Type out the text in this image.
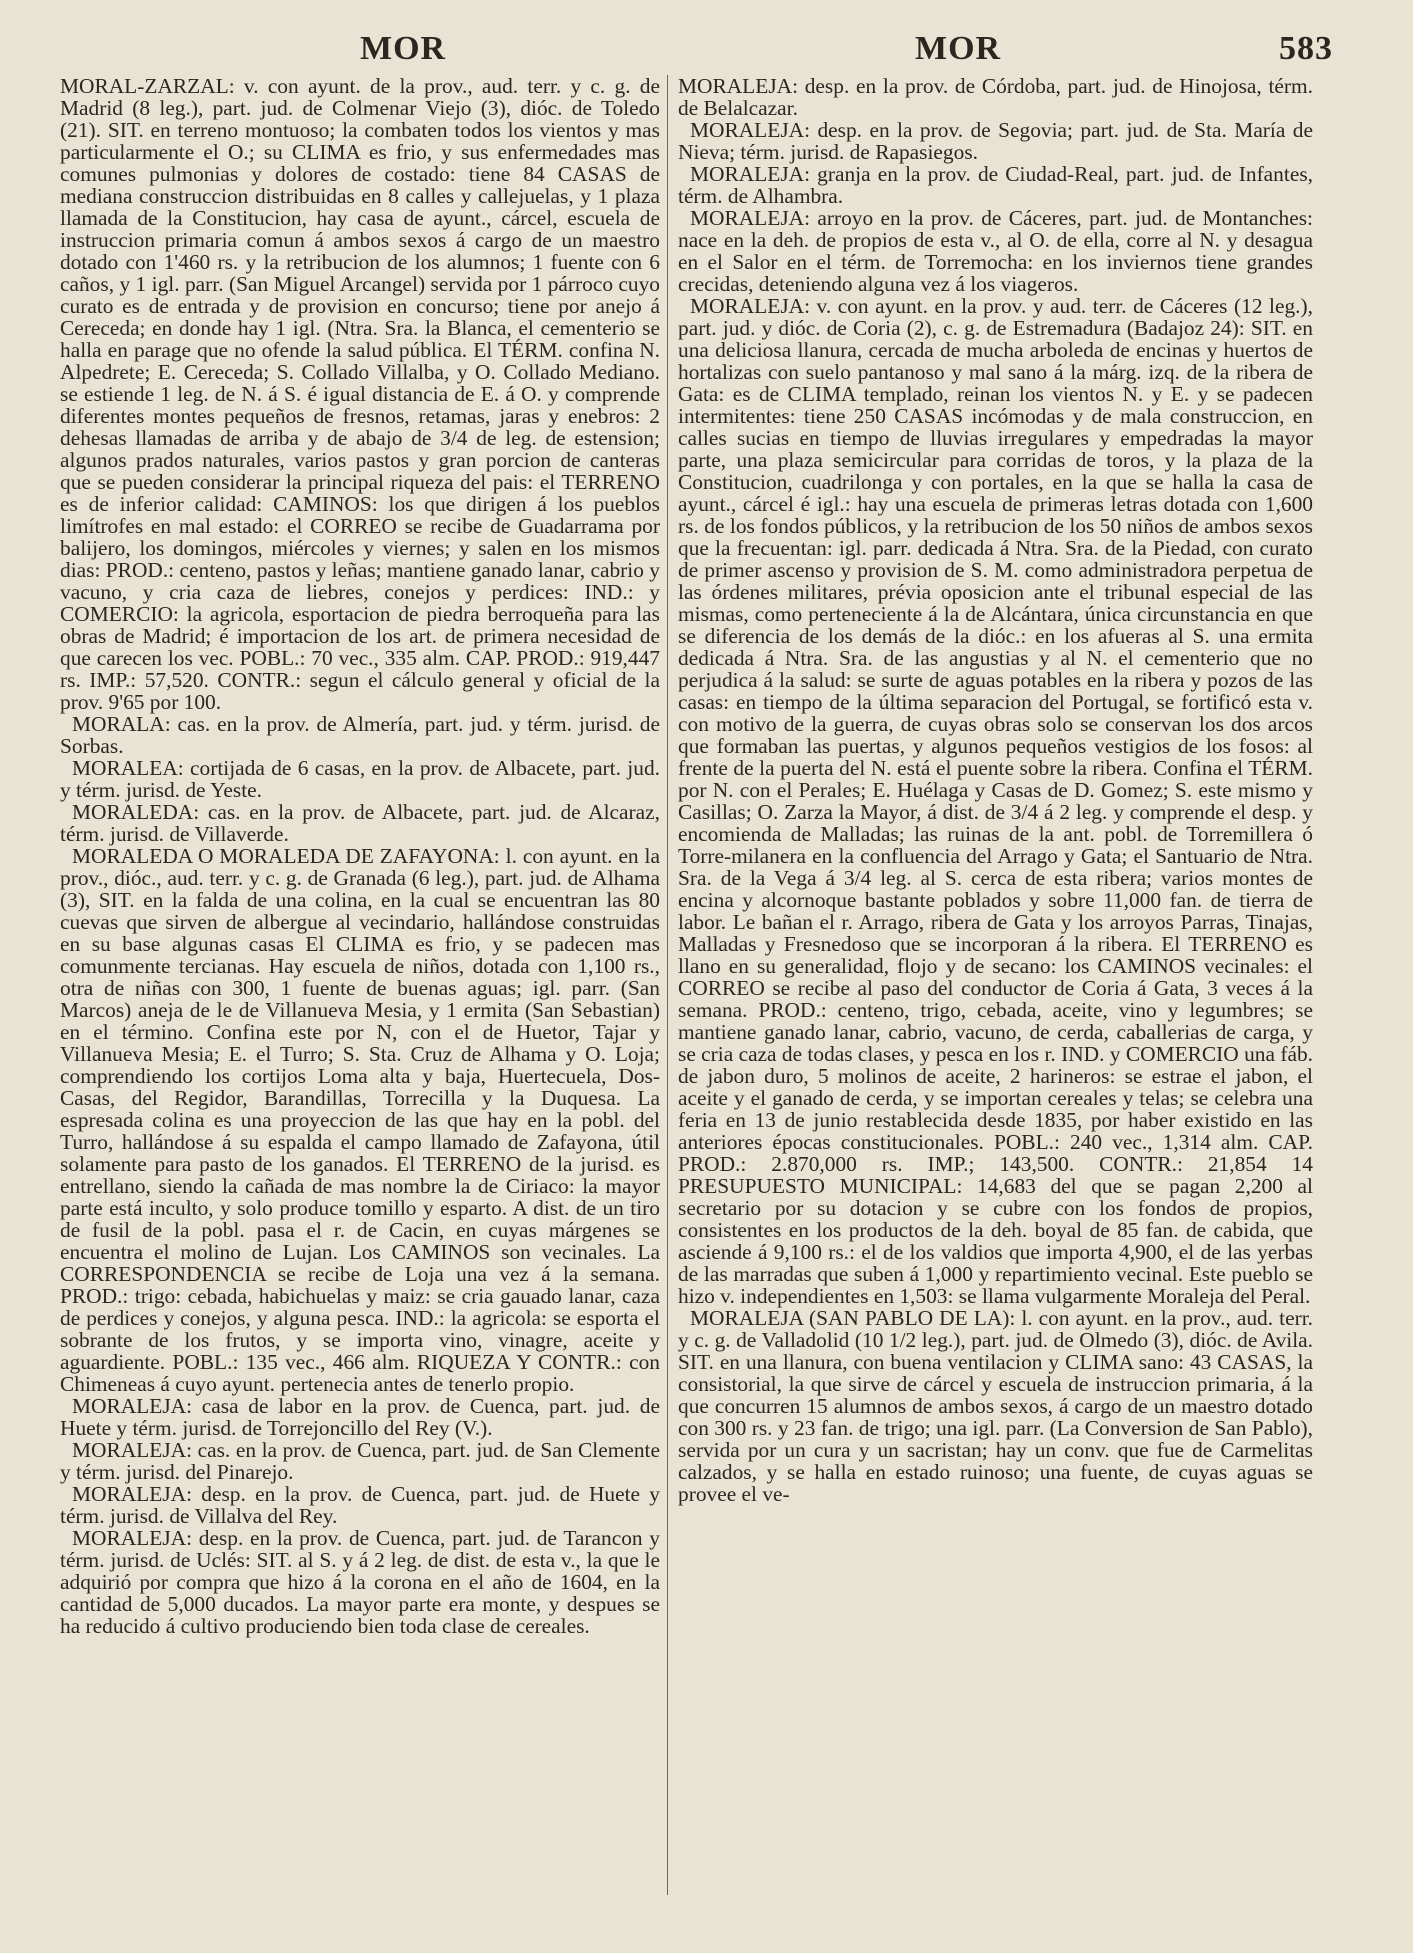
MOR	MOR	583

MORAL-ZARZAL: v. con ayunt. de la prov., aud. terr. y c. g. de Madrid (8 leg.), part. jud. de Colmenar Viejo (3), dióc. de Toledo (21). SIT. en terreno montuoso; la combaten todos los vientos y mas particularmente el O.; su CLIMA es frio, y sus enfermedades mas comunes pulmonias y dolores de costado: tiene 84 CASAS de mediana construccion distribuidas en 8 calles y callejuelas, y 1 plaza llamada de la Constitucion, hay casa de ayunt., cárcel, escuela de instruccion primaria comun á ambos sexos á cargo de un maestro dotado con 1'460 rs. y la retribucion de los alumnos; 1 fuente con 6 caños, y 1 igl. parr. (San Miguel Arcangel) servida por 1 párroco cuyo curato es de entrada y de provision en concurso; tiene por anejo á Cereceda; en donde hay 1 igl. (Ntra. Sra. la Blanca, el cementerio se halla en parage que no ofende la salud pública. El TÉRM. confina N. Alpedrete; E. Cereceda; S. Collado Villalba, y O. Collado Mediano. se estiende 1 leg. de N. á S. é igual distancia de E. á O. y comprende diferentes montes pequeños de fresnos, retamas, jaras y enebros: 2 dehesas llamadas de arriba y de abajo de 3/4 de leg. de estension; algunos prados naturales, varios pastos y gran porcion de canteras que se pueden considerar la principal riqueza del pais: el TERRENO es de inferior calidad: CAMINOS: los que dirigen á los pueblos limítrofes en mal estado: el CORREO se recibe de Guadarrama por balijero, los domingos, miércoles y viernes; y salen en los mismos dias: PROD.: centeno, pastos y leñas; mantiene ganado lanar, cabrio y vacuno, y cria caza de liebres, conejos y perdices: IND.: y COMERCIO: la agricola, esportacion de piedra berroqueña para las obras de Madrid; é importacion de los art. de primera necesidad de que carecen los vec. POBL.: 70 vec., 335 alm. CAP. PROD.: 919,447 rs. IMP.: 57,520. CONTR.: segun el cálculo general y oficial de la prov. 9'65 por 100.

MORALA: cas. en la prov. de Almería, part. jud. y térm. jurisd. de Sorbas.

MORALEA: cortijada de 6 casas, en la prov. de Albacete, part. jud. y térm. jurisd. de Yeste.

MORALEDA: cas. en la prov. de Albacete, part. jud. de Alcaraz, térm. jurisd. de Villaverde.

MORALEDA O MORALEDA DE ZAFAYONA: l. con ayunt. en la prov., dióc., aud. terr. y c. g. de Granada (6 leg.), part. jud. de Alhama (3), SIT. en la falda de una colina, en la cual se encuentran las 80 cuevas que sirven de albergue al vecindario, hallándose construidas en su base algunas casas El CLIMA es frio, y se padecen mas comunmente tercianas. Hay escuela de niños, dotada con 1,100 rs., otra de niñas con 300, 1 fuente de buenas aguas; igl. parr. (San Marcos) aneja de le de Villanueva Mesia, y 1 ermita (San Sebastian) en el término. Confina este por N, con el de Huetor, Tajar y Villanueva Mesia; E. el Turro; S. Sta. Cruz de Alhama y O. Loja; comprendiendo los cortijos Loma alta y baja, Huertecuela, Dos-Casas, del Regidor, Barandillas, Torrecilla y la Duquesa. La espresada colina es una proyeccion de las que hay en la pobl. del Turro, hallándose á su espalda el campo llamado de Zafayona, útil solamente para pasto de los ganados. El TERRENO de la jurisd. es entrellano, siendo la cañada de mas nombre la de Ciriaco: la mayor parte está inculto, y solo produce tomillo y esparto. A dist. de un tiro de fusil de la pobl. pasa el r. de Cacin, en cuyas márgenes se encuentra el molino de Lujan. Los CAMINOS son vecinales. La CORRESPONDENCIA se recibe de Loja una vez á la semana. PROD.: trigo: cebada, habichuelas y maiz: se cria gauado lanar, caza de perdices y conejos, y alguna pesca. IND.: la agricola: se esporta el sobrante de los frutos, y se importa vino, vinagre, aceite y aguardiente. POBL.: 135 vec., 466 alm. RIQUEZA Y CONTR.: con Chimeneas á cuyo ayunt. pertenecia antes de tenerlo propio.

MORALEJA: casa de labor en la prov. de Cuenca, part. jud. de Huete y térm. jurisd. de Torrejoncillo del Rey (V.).

MORALEJA: cas. en la prov. de Cuenca, part. jud. de San Clemente y térm. jurisd. del Pinarejo.

MORALEJA: desp. en la prov. de Cuenca, part. jud. de Huete y térm. jurisd. de Villalva del Rey.

MORALEJA: desp. en la prov. de Cuenca, part. jud. de Tarancon y térm. jurisd. de Uclés: SIT. al S. y á 2 leg. de dist. de esta v., la que le adquirió por compra que hizo á la corona en el año de 1604, en la cantidad de 5,000 ducados. La mayor parte era monte, y despues se ha reducido á cultivo produciendo bien toda clase de cereales.

MORALEJA: desp. en la prov. de Córdoba, part. jud. de Hinojosa, térm. de Belalcazar.

MORALEJA: desp. en la prov. de Segovia; part. jud. de Sta. María de Nieva; térm. jurisd. de Rapasiegos.

MORALEJA: granja en la prov. de Ciudad-Real, part. jud. de Infantes, térm. de Alhambra.

MORALEJA: arroyo en la prov. de Cáceres, part. jud. de Montanches: nace en la deh. de propios de esta v., al O. de ella, corre al N. y desagua en el Salor en el térm. de Torremocha: en los inviernos tiene grandes crecidas, deteniendo alguna vez á los viageros.

MORALEJA: v. con ayunt. en la prov. y aud. terr. de Cáceres (12 leg.), part. jud. y dióc. de Coria (2), c. g. de Estremadura (Badajoz 24): SIT. en una deliciosa llanura, cercada de mucha arboleda de encinas y huertos de hortalizas con suelo pantanoso y mal sano á la márg. izq. de la ribera de Gata: es de CLIMA templado, reinan los vientos N. y E. y se padecen intermitentes: tiene 250 CASAS incómodas y de mala construccion, en calles sucias en tiempo de lluvias irregulares y empedradas la mayor parte, una plaza semicircular para corridas de toros, y la plaza de la Constitucion, cuadrilonga y con portales, en la que se halla la casa de ayunt., cárcel é igl.: hay una escuela de primeras letras dotada con 1,600 rs. de los fondos públicos, y la retribucion de los 50 niños de ambos sexos que la frecuentan: igl. parr. dedicada á Ntra. Sra. de la Piedad, con curato de primer ascenso y provision de S. M. como administradora perpetua de las órdenes militares, prévia oposicion ante el tribunal especial de las mismas, como perteneciente á la de Alcántara, única circunstancia en que se diferencia de los demás de la dióc.: en los afueras al S. una ermita dedicada á Ntra. Sra. de las angustias y al N. el cementerio que no perjudica á la salud: se surte de aguas potables en la ribera y pozos de las casas: en tiempo de la última separacion del Portugal, se fortificó esta v. con motivo de la guerra, de cuyas obras solo se conservan los dos arcos que formaban las puertas, y algunos pequeños vestigios de los fosos: al frente de la puerta del N. está el puente sobre la ribera. Confina el TÉRM. por N. con el Perales; E. Huélaga y Casas de D. Gomez; S. este mismo y Casillas; O. Zarza la Mayor, á dist. de 3/4 á 2 leg. y comprende el desp. y encomienda de Malladas; las ruinas de la ant. pobl. de Torremillera ó Torre-milanera en la confluencia del Arrago y Gata; el Santuario de Ntra. Sra. de la Vega á 3/4 leg. al S. cerca de esta ribera; varios montes de encina y alcornoque bastante poblados y sobre 11,000 fan. de tierra de labor. Le bañan el r. Arrago, ribera de Gata y los arroyos Parras, Tinajas, Malladas y Fresnedoso que se incorporan á la ribera. El TERRENO es llano en su generalidad, flojo y de secano: los CAMINOS vecinales: el CORREO se recibe al paso del conductor de Coria á Gata, 3 veces á la semana. PROD.: centeno, trigo, cebada, aceite, vino y legumbres; se mantiene ganado lanar, cabrio, vacuno, de cerda, caballerias de carga, y se cria caza de todas clases, y pesca en los r. IND. y COMERCIO una fáb. de jabon duro, 5 molinos de aceite, 2 harineros: se estrae el jabon, el aceite y el ganado de cerda, y se importan cereales y telas; se celebra una feria en 13 de junio restablecida desde 1835, por haber existido en las anteriores épocas constitucionales. POBL.: 240 vec., 1,314 alm. CAP. PROD.: 2.870,000 rs. IMP.; 143,500. CONTR.: 21,854 14 PRESUPUESTO MUNICIPAL: 14,683 del que se pagan 2,200 al secretario por su dotacion y se cubre con los fondos de propios, consistentes en los productos de la deh. boyal de 85 fan. de cabida, que asciende á 9,100 rs.: el de los valdios que importa 4,900, el de las yerbas de las marradas que suben á 1,000 y repartimiento vecinal. Este pueblo se hizo v. independientes en 1,503: se llama vulgarmente Moraleja del Peral.

MORALEJA (SAN PABLO DE LA): l. con ayunt. en la prov., aud. terr. y c. g. de Valladolid (10 1/2 leg.), part. jud. de Olmedo (3), dióc. de Avila. SIT. en una llanura, con buena ventilacion y CLIMA sano: 43 CASAS, la consistorial, la que sirve de cárcel y escuela de instruccion primaria, á la que concurren 15 alumnos de ambos sexos, á cargo de un maestro dotado con 300 rs. y 23 fan. de trigo; una igl. parr. (La Conversion de San Pablo), servida por un cura y un sacristan; hay un conv. que fue de Carmelitas calzados, y se halla en estado ruinoso; una fuente, de cuyas aguas se provee el ve-
